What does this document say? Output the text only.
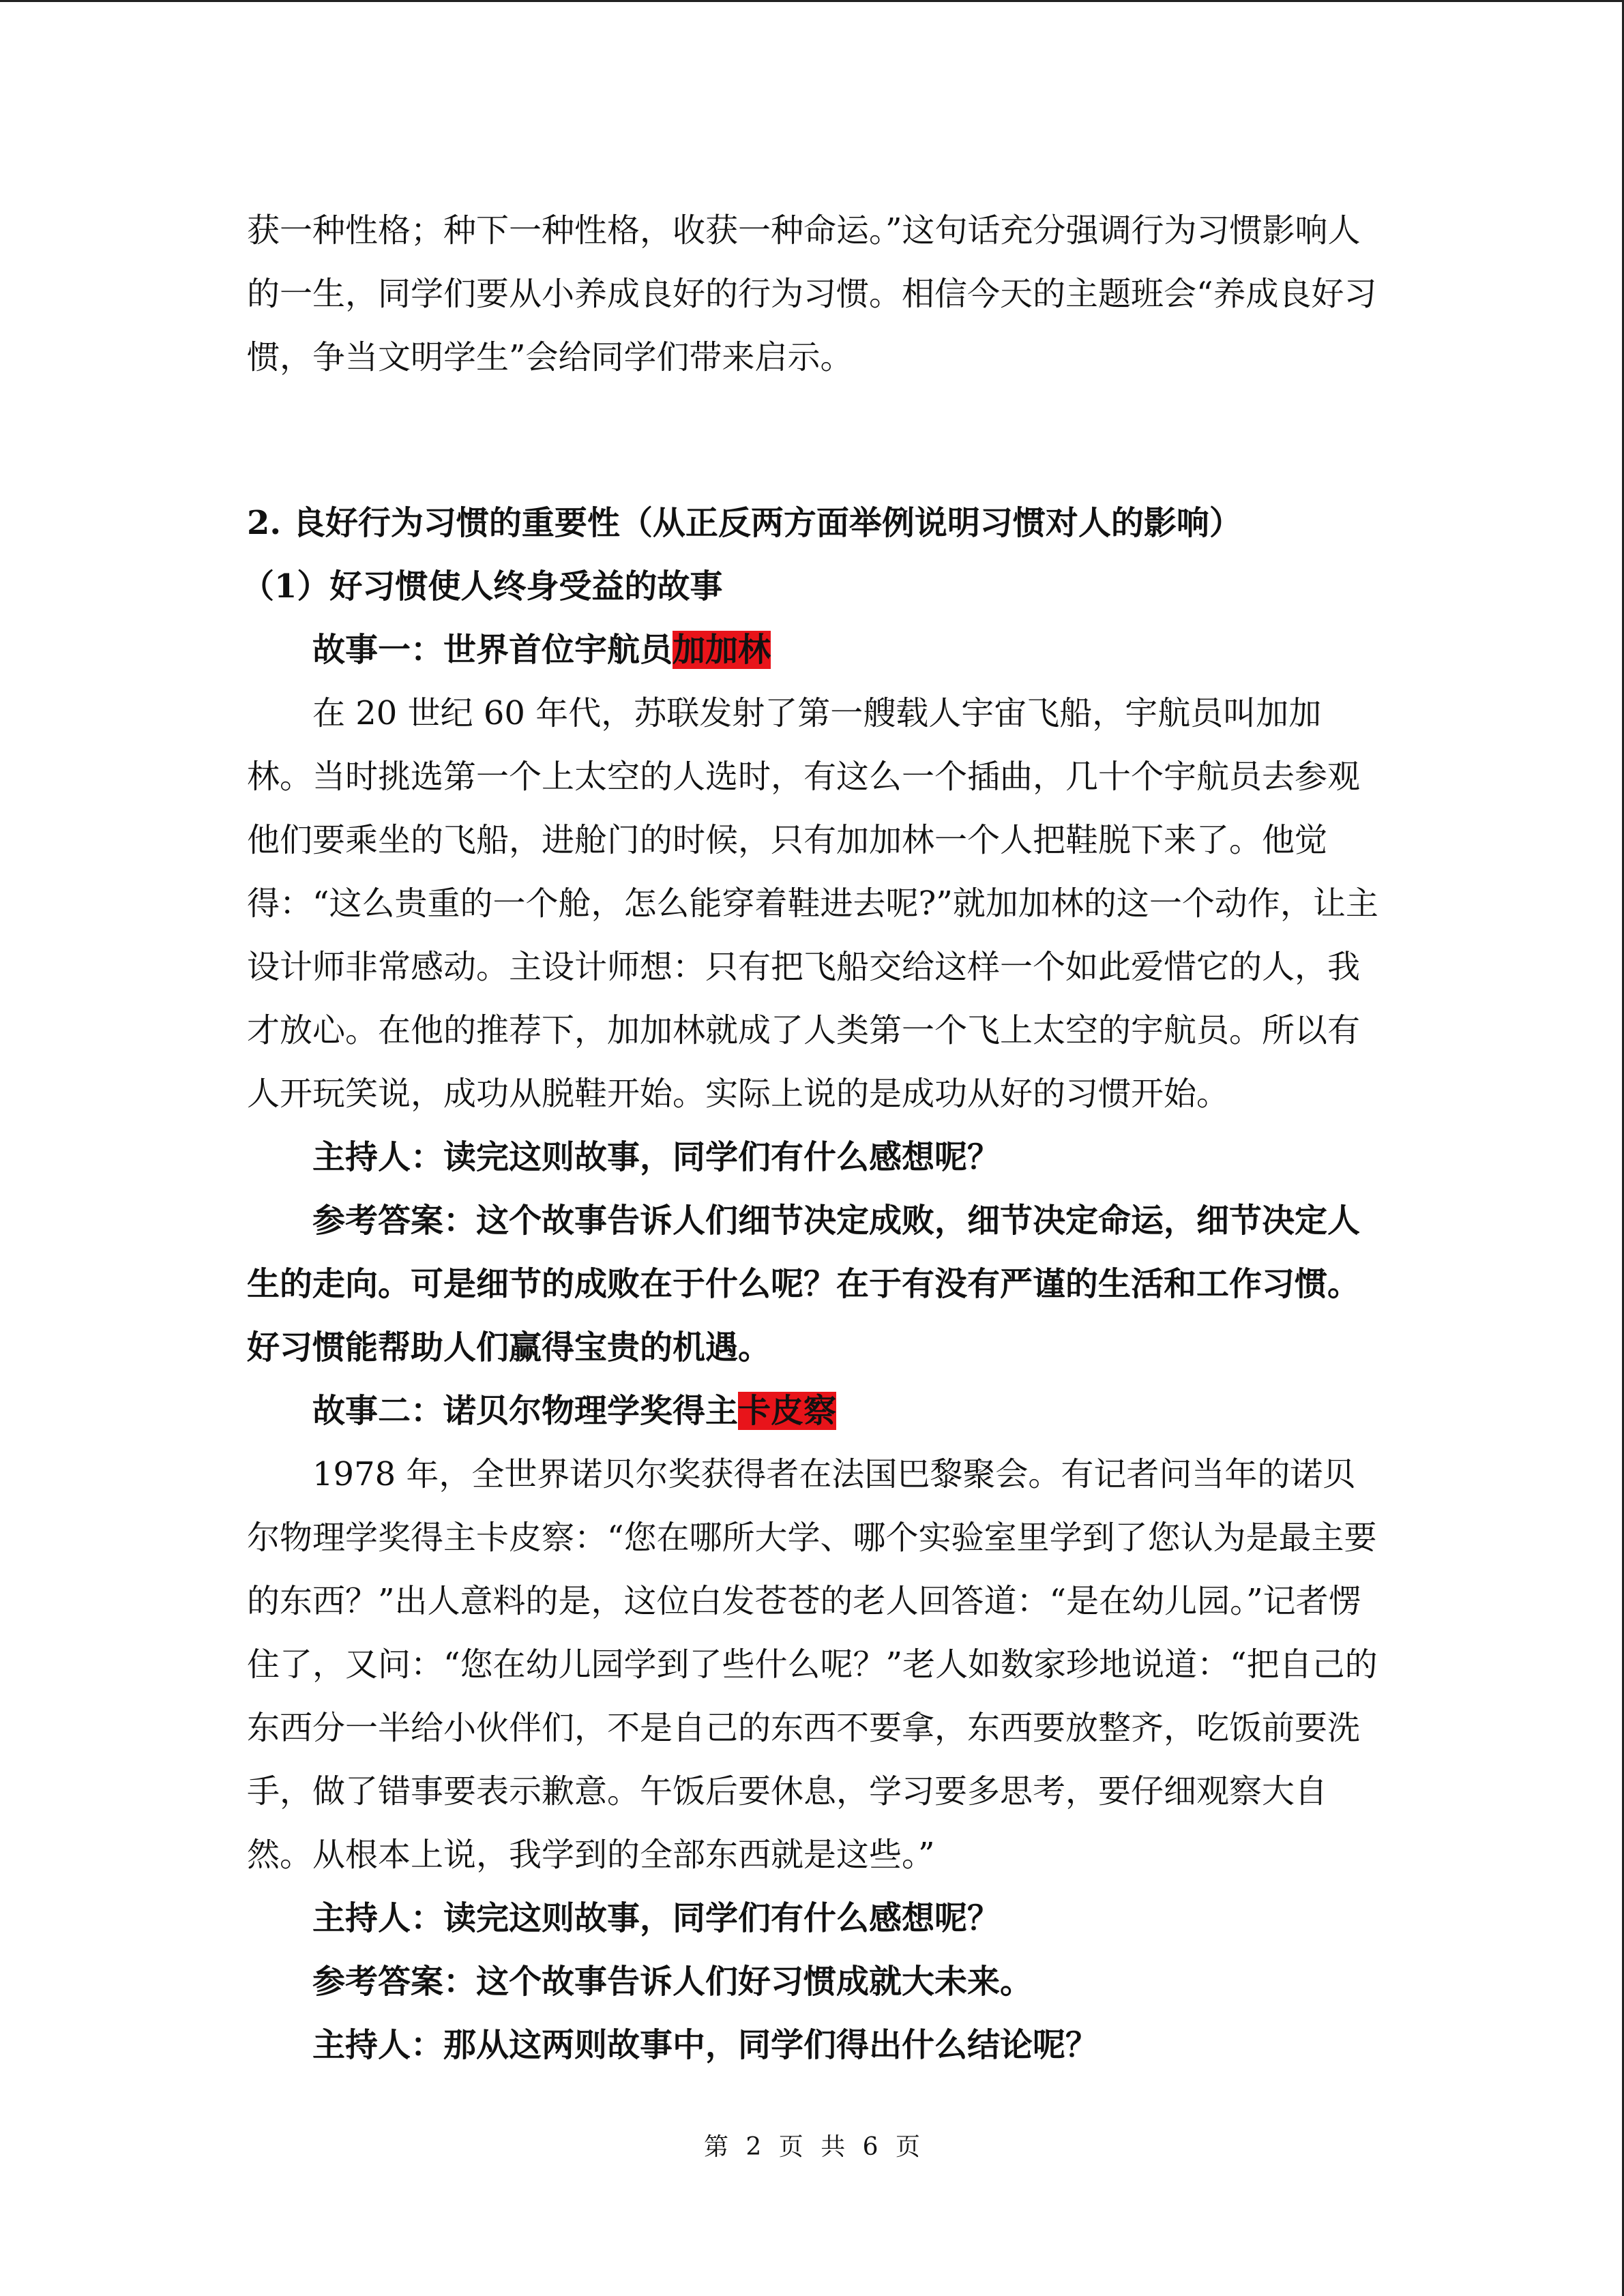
获一种性格；种下一种性格，收获一种命运。”这句话充分强调行为习惯影响人的一生，同学们要从小养成良好的行为习惯。相信今天的主题班会“养成良好习惯，争当文明学生”会给同学们带来启示。

2. 良好行为习惯的重要性（从正反两方面举例说明习惯对人的影响）

（1）好习惯使人终身受益的故事

故事一：世界首位宇航员加加林

在 20 世纪 60 年代，苏联发射了第一艘载人宇宙飞船，宇航员叫加加林。当时挑选第一个上太空的人选时，有这么一个插曲，几十个宇航员去参观他们要乘坐的飞船，进舱门的时候，只有加加林一个人把鞋脱下来了。他觉得：“这么贵重的一个舱，怎么能穿着鞋进去呢?”就加加林的这一个动作，让主设计师非常感动。主设计师想：只有把飞船交给这样一个如此爱惜它的人，我才放心。在他的推荐下，加加林就成了人类第一个飞上太空的宇航员。所以有人开玩笑说，成功从脱鞋开始。实际上说的是成功从好的习惯开始。

主持人：读完这则故事，同学们有什么感想呢？

参考答案：这个故事告诉人们细节决定成败，细节决定命运，细节决定人生的走向。可是细节的成败在于什么呢？在于有没有严谨的生活和工作习惯。好习惯能帮助人们赢得宝贵的机遇。

故事二：诺贝尔物理学奖得主卡皮察

1978 年，全世界诺贝尔奖获得者在法国巴黎聚会。有记者问当年的诺贝尔物理学奖得主卡皮察：“您在哪所大学、哪个实验室里学到了您认为是最主要的东西？”出人意料的是，这位白发苍苍的老人回答道：“是在幼儿园。”记者愣住了，又问：“您在幼儿园学到了些什么呢？”老人如数家珍地说道：“把自己的东西分一半给小伙伴们，不是自己的东西不要拿，东西要放整齐，吃饭前要洗手，做了错事要表示歉意。午饭后要休息，学习要多思考，要仔细观察大自然。从根本上说，我学到的全部东西就是这些。”

主持人：读完这则故事，同学们有什么感想呢？

参考答案：这个故事告诉人们好习惯成就大未来。

主持人：那从这两则故事中，同学们得出什么结论呢？

第 2 页 共 6 页
